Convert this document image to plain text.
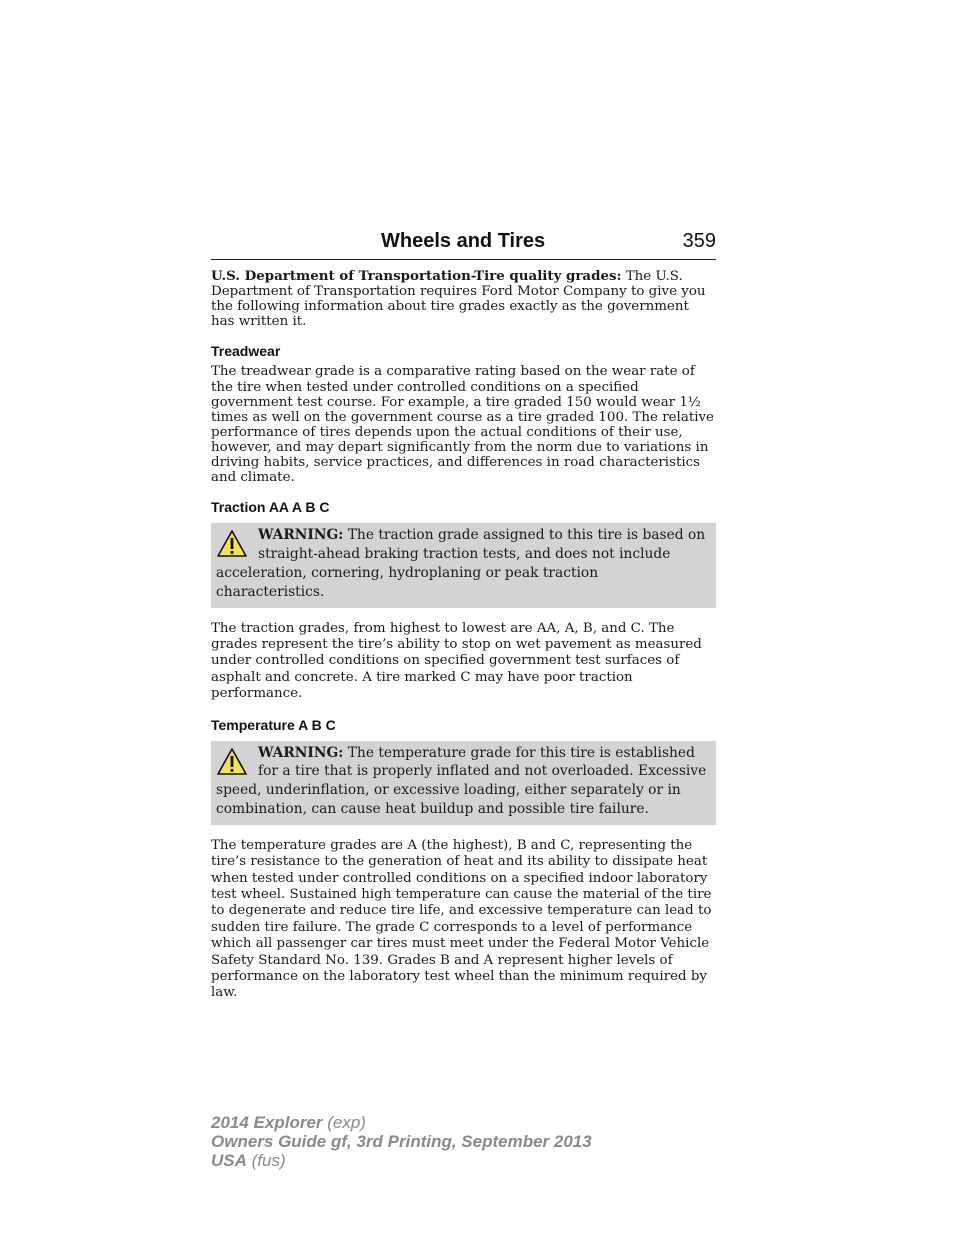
Wheels and Tires	359

U.S. Department of Transportation-Tire quality grades: The U.S. Department of Transportation requires Ford Motor Company to give you the following information about tire grades exactly as the government has written it.

Treadwear

The treadwear grade is a comparative rating based on the wear rate of the tire when tested under controlled conditions on a specified government test course. For example, a tire graded 150 would wear 1½ times as well on the government course as a tire graded 100. The relative performance of tires depends upon the actual conditions of their use, however, and may depart significantly from the norm due to variations in driving habits, service practices, and differences in road characteristics and climate.

Traction AA A B C
WARNING: The traction grade assigned to this tire is based on straight-ahead braking traction tests, and does not include acceleration, cornering, hydroplaning or peak traction characteristics.

The traction grades, from highest to lowest are AA, A, B, and C. The grades represent the tire’s ability to stop on wet pavement as measured under controlled conditions on specified government test surfaces of asphalt and concrete. A tire marked C may have poor traction performance.

Temperature A B C
WARNING: The temperature grade for this tire is established for a tire that is properly inflated and not overloaded. Excessive speed, underinflation, or excessive loading, either separately or in combination, can cause heat buildup and possible tire failure.

The temperature grades are A (the highest), B and C, representing the tire’s resistance to the generation of heat and its ability to dissipate heat when tested under controlled conditions on a specified indoor laboratory test wheel. Sustained high temperature can cause the material of the tire to degenerate and reduce tire life, and excessive temperature can lead to sudden tire failure. The grade C corresponds to a level of performance which all passenger car tires must meet under the Federal Motor Vehicle Safety Standard No. 139. Grades B and A represent higher levels of performance on the laboratory test wheel than the minimum required by law.

2014 Explorer (exp)
Owners Guide gf, 3rd Printing, September 2013
USA (fus)
